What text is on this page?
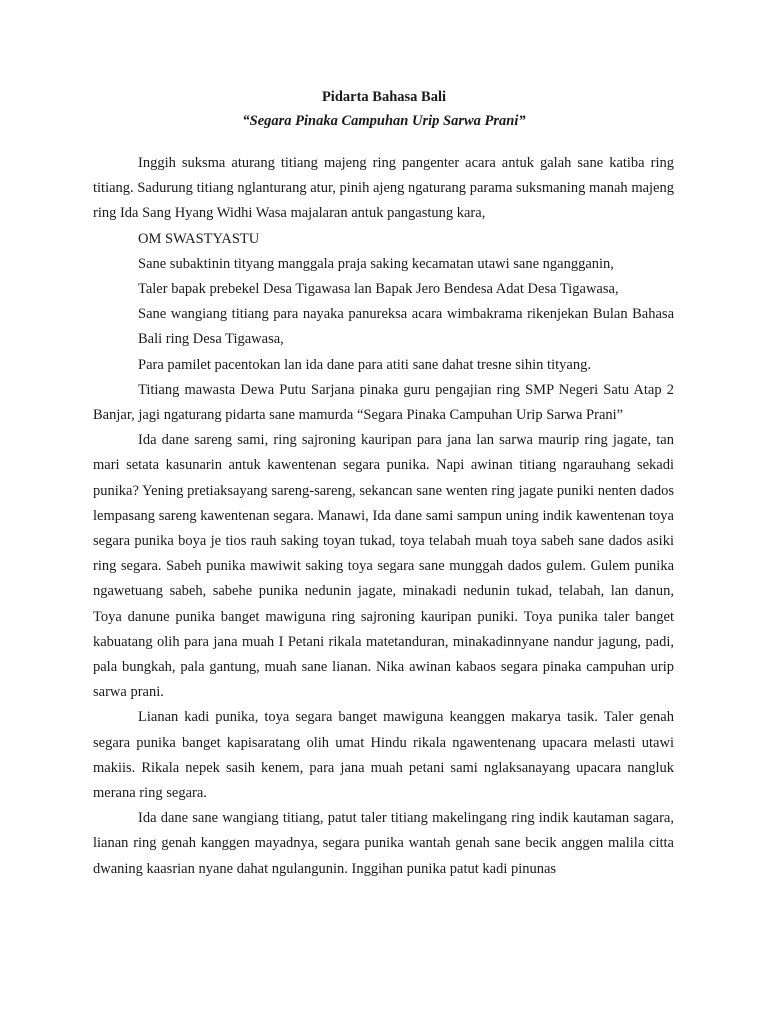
Pidarta Bahasa Bali
“Segara Pinaka Campuhan Urip Sarwa Prani”

Inggih suksma aturang titiang majeng ring pangenter acara antuk galah sane katiba ring titiang. Sadurung titiang nglanturang atur, pinih ajeng ngaturang parama suksmaning manah majeng ring Ida Sang Hyang Widhi Wasa majalaran antuk pangastung kara,

OM SWASTYASTU

Sane subaktinin tityang manggala praja saking kecamatan utawi sane ngangganin,

Taler bapak prebekel Desa Tigawasa lan Bapak Jero Bendesa Adat Desa Tigawasa,

Sane wangiang titiang para nayaka panureksa acara wimbakrama rikenjekan Bulan Bahasa Bali ring Desa Tigawasa,

Para pamilet pacentokan lan ida dane para atiti sane dahat tresne sihin tityang.

Titiang mawasta Dewa Putu Sarjana pinaka guru pengajian ring SMP Negeri Satu Atap 2 Banjar, jagi ngaturang pidarta sane mamurda “Segara Pinaka Campuhan Urip Sarwa Prani”

Ida dane sareng sami, ring sajroning kauripan para jana lan sarwa maurip ring jagate, tan mari setata kasunarin antuk kawentenan segara punika. Napi awinan titiang ngarauhang sekadi punika? Yening pretiaksayang sareng-sareng, sekancan sane wenten ring jagate puniki nenten dados lempasang sareng kawentenan segara. Manawi, Ida dane sami sampun uning indik kawentenan toya segara punika boya je tios rauh saking toyan tukad, toya telabah muah toya sabeh sane dados asiki ring segara. Sabeh punika mawiwit saking toya segara sane munggah dados gulem. Gulem punika ngawetuang sabeh, sabehe punika nedunin jagate, minakadi nedunin tukad, telabah, lan danun, Toya danune punika banget mawiguna ring sajroning kauripan puniki. Toya punika taler banget kabuatang olih para jana muah I Petani rikala matetanduran, minakadinnyane nandur jagung, padi, pala bungkah, pala gantung, muah sane lianan. Nika awinan kabaos segara pinaka campuhan urip sarwa prani.

Lianan kadi punika, toya segara banget mawiguna keanggen makarya tasik. Taler genah segara punika banget kapisaratang olih umat Hindu rikala ngawentenang upacara melasti utawi makiis. Rikala nepek sasih kenem, para jana muah petani sami nglaksanayang upacara nangluk merana ring segara.

Ida dane sane wangiang titiang, patut taler titiang makelingang ring indik kautaman sagara, lianan ring genah kanggen mayadnya, segara punika wantah genah sane becik anggen malila citta dwaning kaasrian nyane dahat ngulangunin. Inggihan punika patut kadi pinunas
